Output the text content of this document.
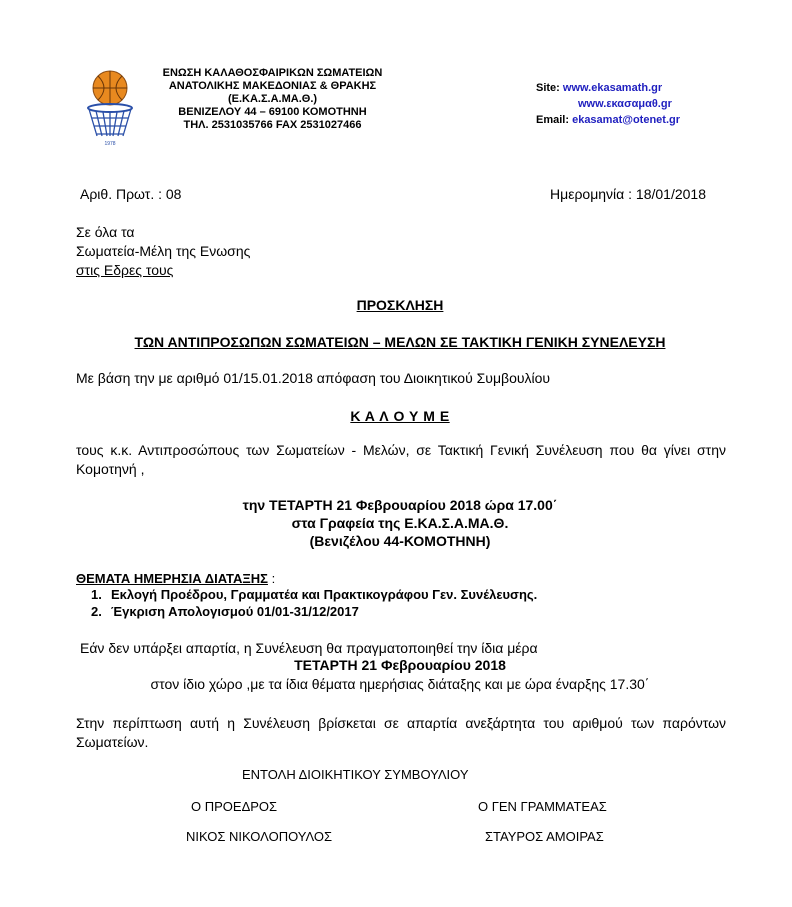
1978
ΕΝΩΣΗ ΚΑΛΑΘΟΣΦΑΙΡΙΚΩΝ ΣΩΜΑΤΕΙΩΝ
ΑΝΑΤΟΛΙΚΗΣ ΜΑΚΕΔΟΝΙΑΣ & ΘΡΑΚΗΣ
(Ε.ΚΑ.Σ.Α.ΜΑ.Θ.)
ΒΕΝΙΖΕΛΟΥ 44 – 69100 ΚΟΜΟΤΗΝΗ
ΤΗΛ. 2531035766 FAX 2531027466
Site: www.ekasamath.gr
www.εκασαμαθ.gr
Email: ekasamat@otenet.gr
Αριθ. Πρωτ. : 08	Ημερομηνία : 18/01/2018
Σε όλα τα
Σωματεία-Μέλη της Ενωσης
στις Εδρες τους
ΠΡΟΣΚΛΗΣΗ
ΤΩΝ ΑΝΤΙΠΡΟΣΩΠΩΝ ΣΩΜΑΤΕΙΩΝ – ΜΕΛΩΝ ΣΕ ΤΑΚΤΙΚΗ ΓΕΝΙΚΗ ΣΥΝΕΛΕΥΣΗ
Με βάση την με αριθμό 01/15.01.2018 απόφαση του Διοικητικού Συμβουλίου
Κ Α Λ Ο Υ Μ Ε
τους κ.κ. Αντιπροσώπους των Σωματείων - Μελών, σε Τακτική Γενική Συνέλευση που θα γίνει στην Κομοτηνή ,
την ΤΕΤΑΡΤΗ 21 Φεβρουαρίου 2018 ώρα 17.00΄
στα Γραφεία της Ε.ΚΑ.Σ.Α.ΜΑ.Θ.
(Βενιζέλου 44-ΚΟΜΟΤΗΝΗ)
ΘΕΜΑΤΑ ΗΜΕΡΗΣΙΑ ΔΙΑΤΑΞΗΣ :
1. Εκλογή Προέδρου, Γραμματέα και Πρακτικογράφου Γεν. Συνέλευσης.
2. Έγκριση Απολογισμού 01/01-31/12/2017
Εάν δεν υπάρξει απαρτία, η Συνέλευση θα πραγματοποιηθεί την ίδια μέρα
ΤΕΤΑΡΤΗ 21 Φεβρουαρίου 2018
στον ίδιο χώρο ,με τα ίδια θέματα ημερήσιας διάταξης και με ώρα έναρξης 17.30΄
Στην περίπτωση αυτή η Συνέλευση βρίσκεται σε απαρτία ανεξάρτητα του αριθμού των παρόντων Σωματείων.
ΕΝΤΟΛΗ ΔΙΟΙΚΗΤΙΚΟΥ ΣΥΜΒΟΥΛΙΟΥ
Ο ΠΡΟΕΔΡΟΣ	Ο ΓΕΝ ΓΡΑΜΜΑΤΕΑΣ
ΝΙΚΟΣ ΝΙΚΟΛΟΠΟΥΛΟΣ	ΣΤΑΥΡΟΣ ΑΜΟΙΡΑΣ
